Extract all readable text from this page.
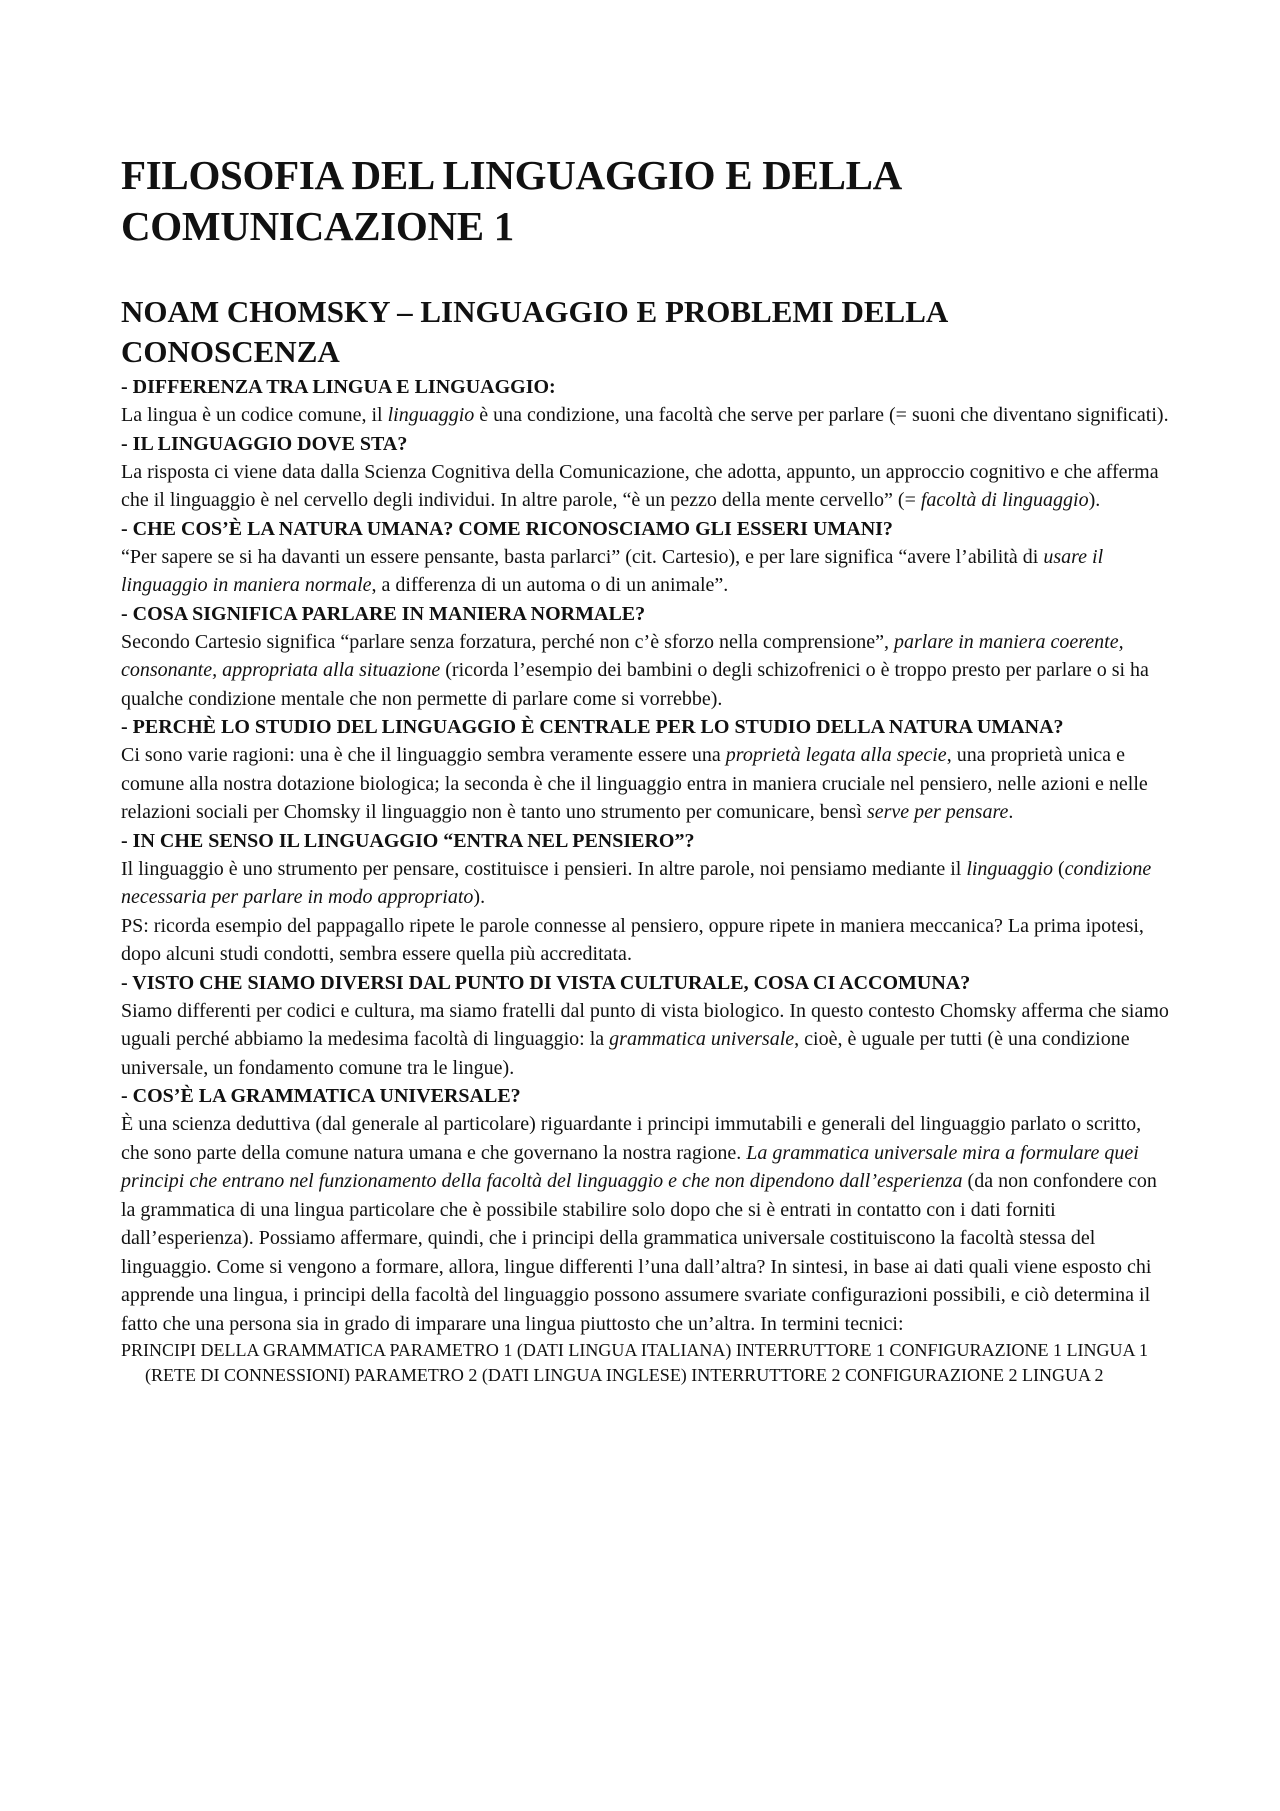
FILOSOFIA DEL LINGUAGGIO E DELLA COMUNICAZIONE 1
NOAM CHOMSKY – LINGUAGGIO E PROBLEMI DELLA CONOSCENZA

- DIFFERENZA TRA LINGUA E LINGUAGGIO:

La lingua è un codice comune, il linguaggio è una condizione, una facoltà che serve per parlare (= suoni che diventano significati).

- IL LINGUAGGIO DOVE STA?

La risposta ci viene data dalla Scienza Cognitiva della Comunicazione, che adotta, appunto, un approccio cognitivo e che afferma che il linguaggio è nel cervello degli individui. In altre parole, “è un pezzo della mente cervello” (= facoltà di linguaggio).

- CHE COS’È LA NATURA UMANA? COME RICONOSCIAMO GLI ESSERI UMANI?

“Per sapere se si ha davanti un essere pensante, basta parlarci” (cit. Cartesio), e per lare significa “avere l’abilità di usare il linguaggio in maniera normale, a differenza di un automa o di un animale”.

- COSA SIGNIFICA PARLARE IN MANIERA NORMALE?

Secondo Cartesio significa “parlare senza forzatura, perché non c’è sforzo nella comprensione”, parlare in maniera coerente, consonante, appropriata alla situazione (ricorda l’esempio dei bambini o degli schizofrenici o è troppo presto per parlare o si ha qualche condizione mentale che non permette di parlare come si vorrebbe).

- PERCHÈ LO STUDIO DEL LINGUAGGIO È CENTRALE PER LO STUDIO DELLA NATURA UMANA?

Ci sono varie ragioni: una è che il linguaggio sembra veramente essere una proprietà legata alla specie, una proprietà unica e comune alla nostra dotazione biologica; la seconda è che il linguaggio entra in maniera cruciale nel pensiero, nelle azioni e nelle relazioni sociali per Chomsky il linguaggio non è tanto uno strumento per comunicare, bensì serve per pensare.

- IN CHE SENSO IL LINGUAGGIO “ENTRA NEL PENSIERO”?

Il linguaggio è uno strumento per pensare, costituisce i pensieri. In altre parole, noi pensiamo mediante il linguaggio (condizione necessaria per parlare in modo appropriato).

PS: ricorda esempio del pappagallo ripete le parole connesse al pensiero, oppure ripete in maniera meccanica? La prima ipotesi, dopo alcuni studi condotti, sembra essere quella più accreditata.

- VISTO CHE SIAMO DIVERSI DAL PUNTO DI VISTA CULTURALE, COSA CI ACCOMUNA?

Siamo differenti per codici e cultura, ma siamo fratelli dal punto di vista biologico. In questo contesto Chomsky afferma che siamo uguali perché abbiamo la medesima facoltà di linguaggio: la grammatica universale, cioè, è uguale per tutti (è una condizione universale, un fondamento comune tra le lingue).

- COS’È LA GRAMMATICA UNIVERSALE?

È una scienza deduttiva (dal generale al particolare) riguardante i principi immutabili e generali del linguaggio parlato o scritto, che sono parte della comune natura umana e che governano la nostra ragione. La grammatica universale mira a formulare quei principi che entrano nel funzionamento della facoltà del linguaggio e che non dipendono dall’esperienza (da non confondere con la grammatica di una lingua particolare che è possibile stabilire solo dopo che si è entrati in contatto con i dati forniti dall’esperienza). Possiamo affermare, quindi, che i principi della grammatica universale costituiscono la facoltà stessa del linguaggio. Come si vengono a formare, allora, lingue differenti l’una dall’altra? In sintesi, in base ai dati quali viene esposto chi apprende una lingua, i principi della facoltà del linguaggio possono assumere svariate configurazioni possibili, e ciò determina il fatto che una persona sia in grado di imparare una lingua piuttosto che un’altra. In termini tecnici:

PRINCIPI DELLA GRAMMATICA PARAMETRO 1 (DATI LINGUA ITALIANA) INTERRUTTORE 1 CONFIGURAZIONE 1 LINGUA 1

(RETE DI CONNESSIONI) PARAMETRO 2 (DATI LINGUA INGLESE) INTERRUTTORE 2 CONFIGURAZIONE 2 LINGUA 2
